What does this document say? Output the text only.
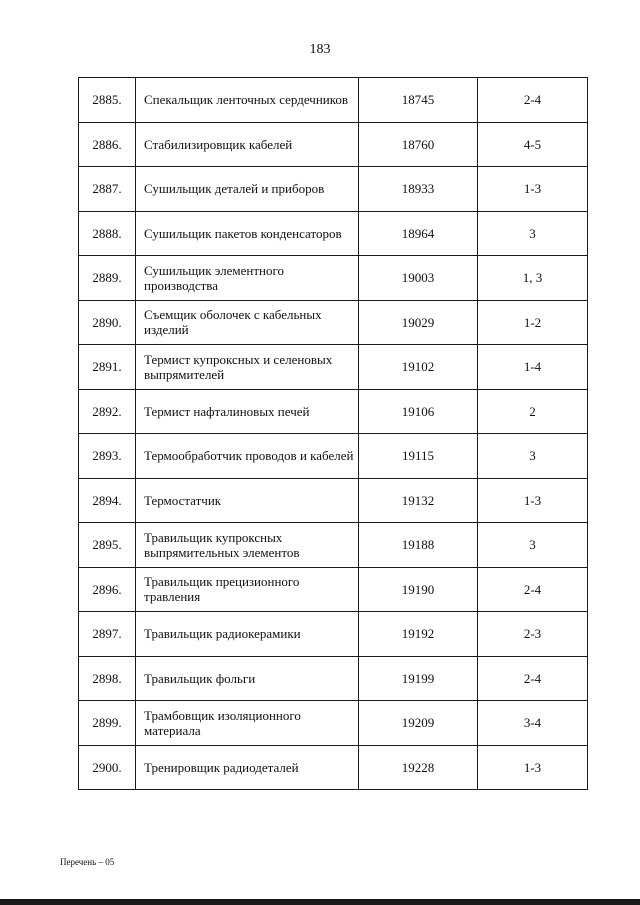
183
2885.	Спекальщик ленточных сердечников	18745	2-4
2886.	Стабилизировщик кабелей	18760	4-5
2887.	Сушильщик деталей и приборов	18933	1-3
2888.	Сушильщик пакетов конденсаторов	18964	3
2889.	Сушильщик элементного производства	19003	1, 3
2890.	Съемщик оболочек с кабельных изделий	19029	1-2
2891.	Термист купроксных и селеновых выпрямителей	19102	1-4
2892.	Термист нафталиновых печей	19106	2
2893.	Термообработчик проводов и кабелей	19115	3
2894.	Термостатчик	19132	1-3
2895.	Травильщик купроксных выпрямительных элементов	19188	3
2896.	Травильщик прецизионного травления	19190	2-4
2897.	Травильщик радиокерамики	19192	2-3
2898.	Травильщик фольги	19199	2-4
2899.	Трамбовщик изоляционного материала	19209	3-4
2900.	Тренировщик радиодеталей	19228	1-3
Перечень – 05
